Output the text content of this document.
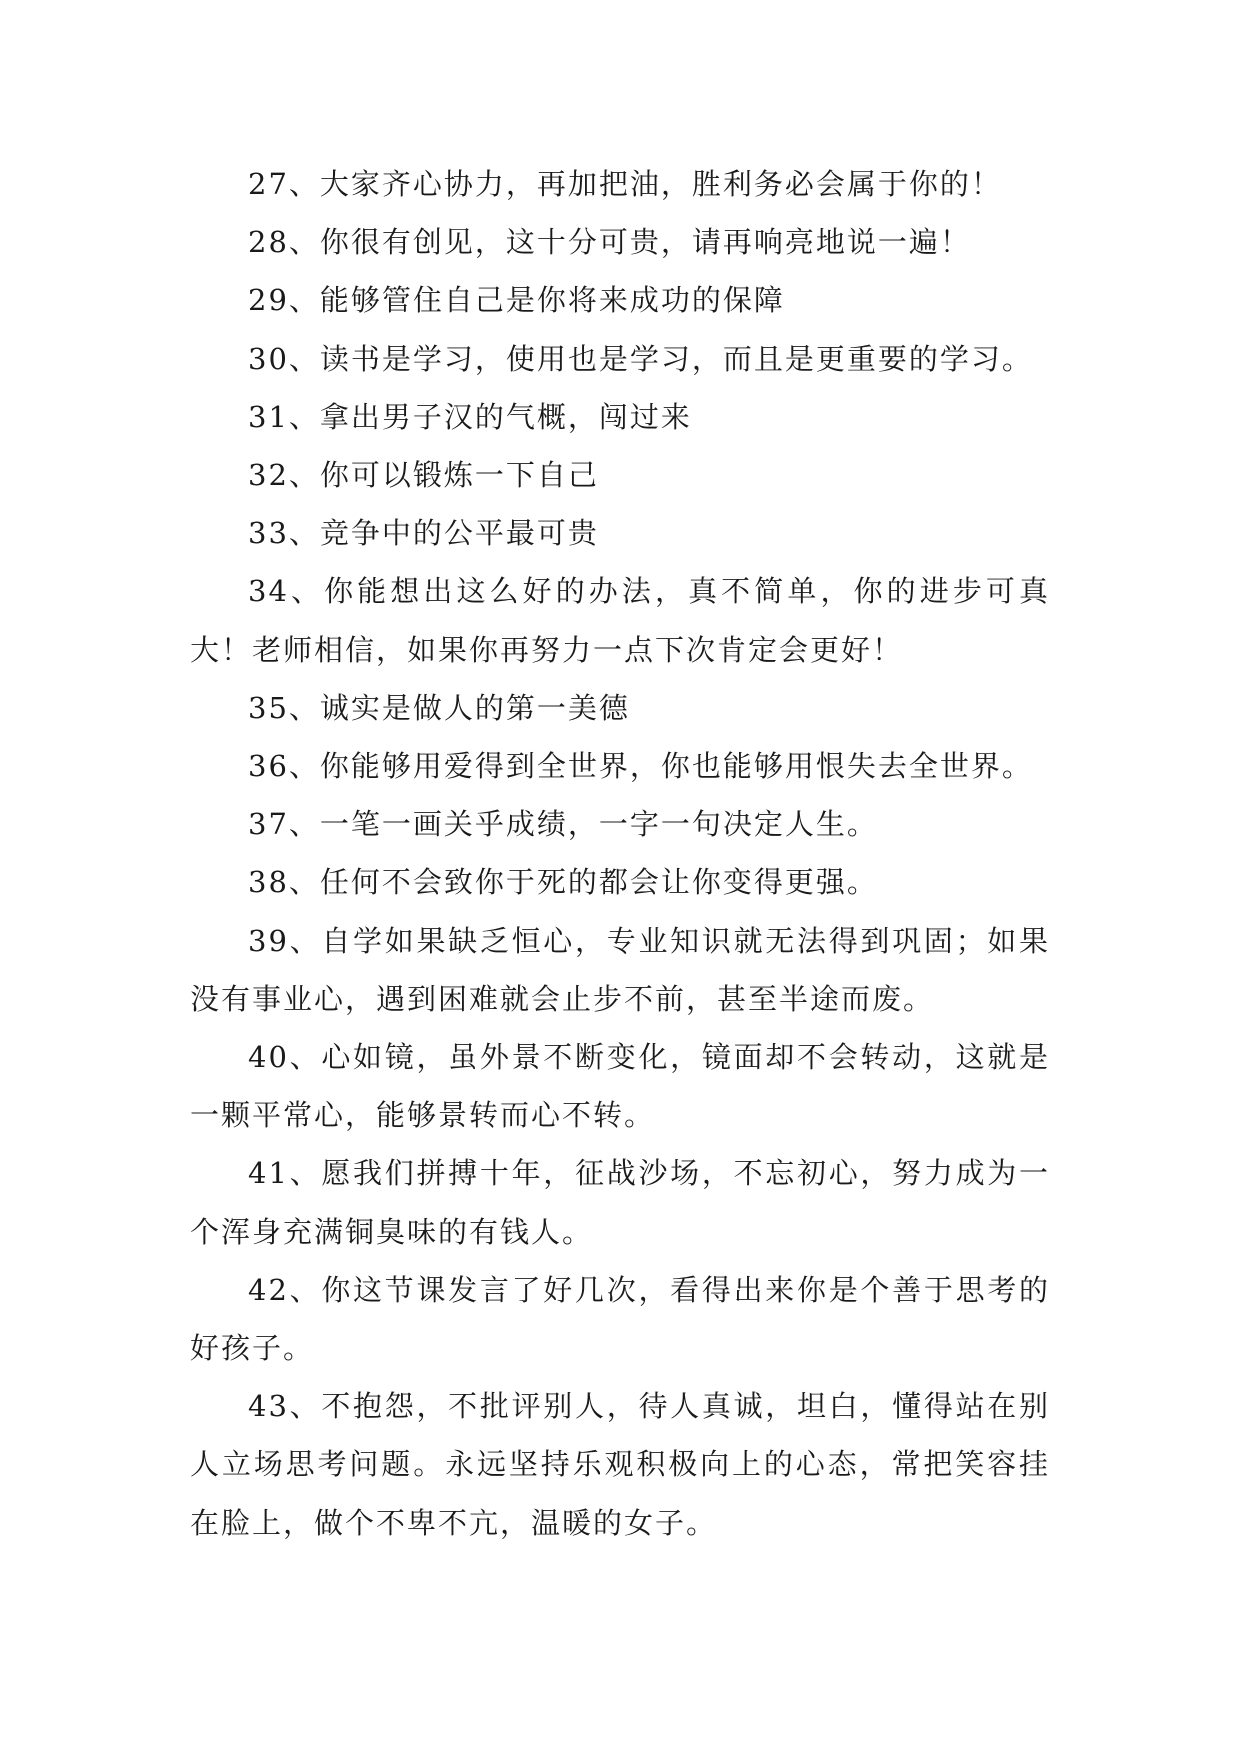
27、大家齐心协力，再加把油，胜利务必会属于你的！

28、你很有创见，这十分可贵，请再响亮地说一遍！

29、能够管住自己是你将来成功的保障

30、读书是学习，使用也是学习，而且是更重要的学习。

31、拿出男子汉的气概，闯过来

32、你可以锻炼一下自己

33、竞争中的公平最可贵

34、你能想出这么好的办法，真不简单，你的进步可真大！老师相信，如果你再努力一点下次肯定会更好！

35、诚实是做人的第一美德

36、你能够用爱得到全世界，你也能够用恨失去全世界。

37、一笔一画关乎成绩，一字一句决定人生。

38、任何不会致你于死的都会让你变得更强。

39、自学如果缺乏恒心，专业知识就无法得到巩固；如果没有事业心，遇到困难就会止步不前，甚至半途而废。

40、心如镜，虽外景不断变化，镜面却不会转动，这就是一颗平常心，能够景转而心不转。

41、愿我们拼搏十年，征战沙场，不忘初心，努力成为一个浑身充满铜臭味的有钱人。

42、你这节课发言了好几次，看得出来你是个善于思考的好孩子。

43、不抱怨，不批评别人，待人真诚，坦白，懂得站在别人立场思考问题。永远坚持乐观积极向上的心态，常把笑容挂在脸上，做个不卑不亢，温暖的女子。
